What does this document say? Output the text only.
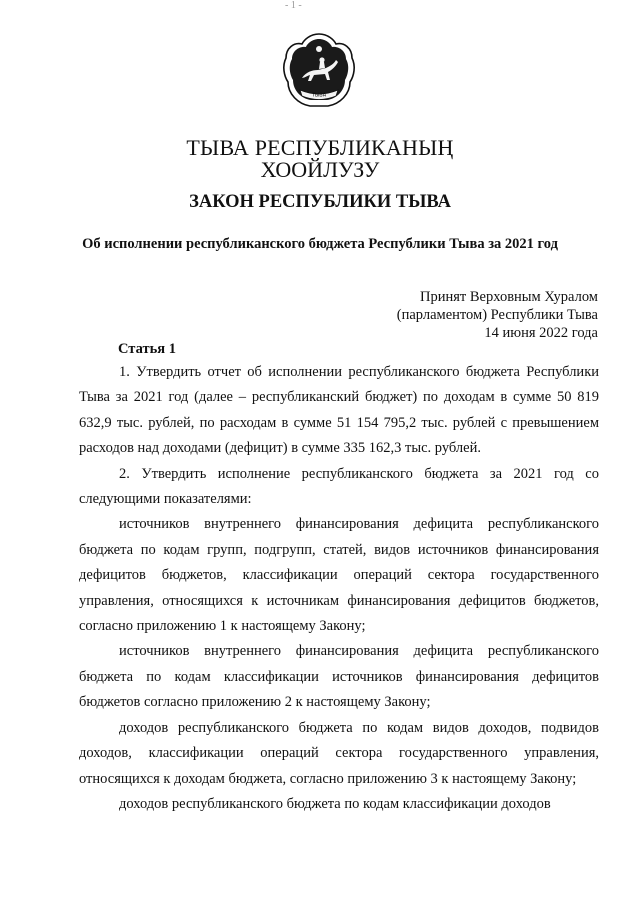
- 1 -
ТЫВА
ТЫВА РЕСПУБЛИКАНЫҢ
ХООЙЛУЗУ
ЗАКОН РЕСПУБЛИКИ ТЫВА
Об исполнении республиканского бюджета Республики Тыва за 2021 год
Принят Верховным Хуралом
(парламентом) Республики Тыва
14 июня 2022 года
Статья 1

1. Утвердить отчет об исполнении республиканского бюджета Республики Тыва за 2021 год (далее – республиканский бюджет) по доходам в сумме 50 819 632,9 тыс. рублей, по расходам в сумме 51 154 795,2 тыс. рублей с превышением расходов над доходами (дефицит) в сумме 335 162,3 тыс. рублей.

2. Утвердить исполнение республиканского бюджета за 2021 год со следующими показателями:

источников внутреннего финансирования дефицита республиканского бюджета по кодам групп, подгрупп, статей, видов источников финансирования дефицитов бюджетов, классификации операций сектора государственного управления, относящихся к источникам финансирования дефицитов бюджетов, согласно приложению 1 к настоящему Закону;

источников внутреннего финансирования дефицита республиканского бюджета по кодам классификации источников финансирования дефицитов бюджетов согласно приложению 2 к настоящему Закону;

доходов республиканского бюджета по кодам видов доходов, подвидов доходов, классификации операций сектора государственного управления, относящихся к доходам бюджета, согласно приложению 3 к настоящему Закону;

доходов республиканского бюджета по кодам классификации доходов
